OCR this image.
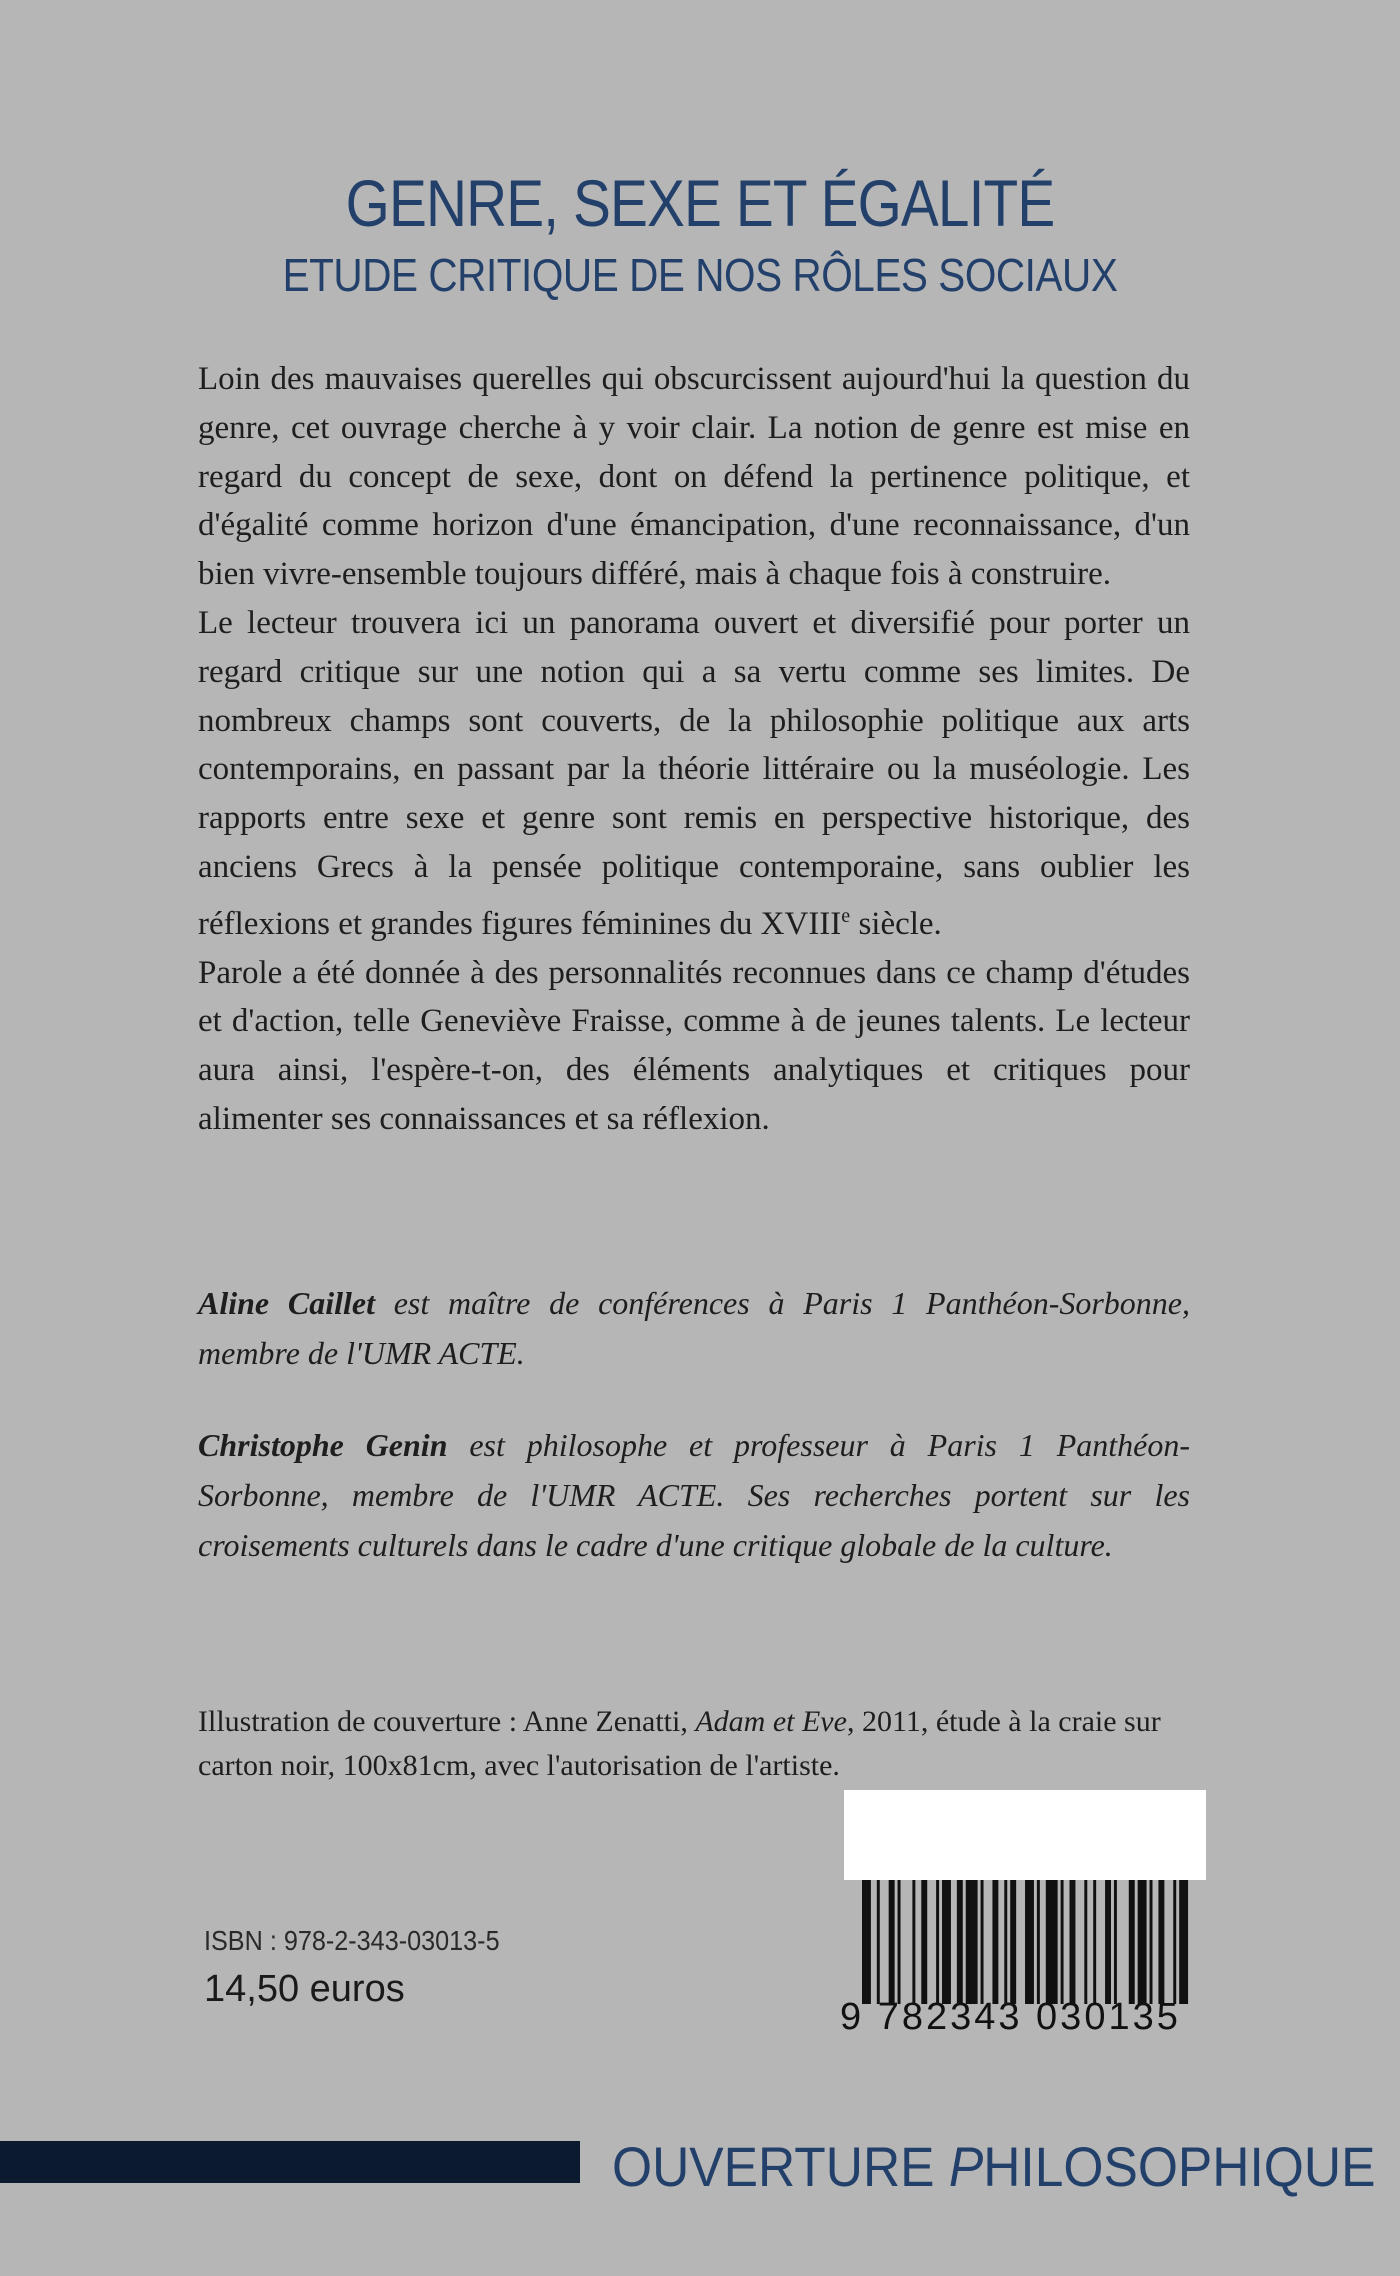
GENRE, SEXE ET ÉGALITÉ
ETUDE CRITIQUE DE NOS RÔLES SOCIAUX

Loin des mauvaises querelles qui obscurcissent aujourd'hui la question du genre, cet ouvrage cherche à y voir clair. La notion de genre est mise en regard du concept de sexe, dont on défend la pertinence politique, et d'égalité comme horizon d'une émancipation, d'une reconnaissance, d'un bien vivre-ensemble toujours différé, mais à chaque fois à construire.

Le lecteur trouvera ici un panorama ouvert et diversifié pour porter un regard critique sur une notion qui a sa vertu comme ses limites. De nombreux champs sont couverts, de la philosophie politique aux arts contemporains, en passant par la théorie littéraire ou la muséologie. Les rapports entre sexe et genre sont remis en perspective historique, des anciens Grecs à la pensée politique contemporaine, sans oublier les réflexions et grandes figures féminines du XVIIIe siècle.

Parole a été donnée à des personnalités reconnues dans ce champ d'études et d'action, telle Geneviève Fraisse, comme à de jeunes talents. Le lecteur aura ainsi, l'espère-t-on, des éléments analytiques et critiques pour alimenter ses connaissances et sa réflexion.

Aline Caillet est maître de conférences à Paris 1 Panthéon-Sorbonne, membre de l'UMR ACTE.
Christophe Genin est philosophe et professeur à Paris 1 Panthéon-Sorbonne, membre de l'UMR ACTE. Ses recherches portent sur les croisements culturels dans le cadre d'une critique globale de la culture.
Illustration de couverture : Anne Zenatti, Adam et Eve, 2011, étude à la craie sur carton noir, 100x81cm, avec l'autorisation de l'artiste.
9 782343 030135
ISBN : 978-2-343-03013-5
14,50 euros
OUVERTURE PHILOSOPHIQUE
